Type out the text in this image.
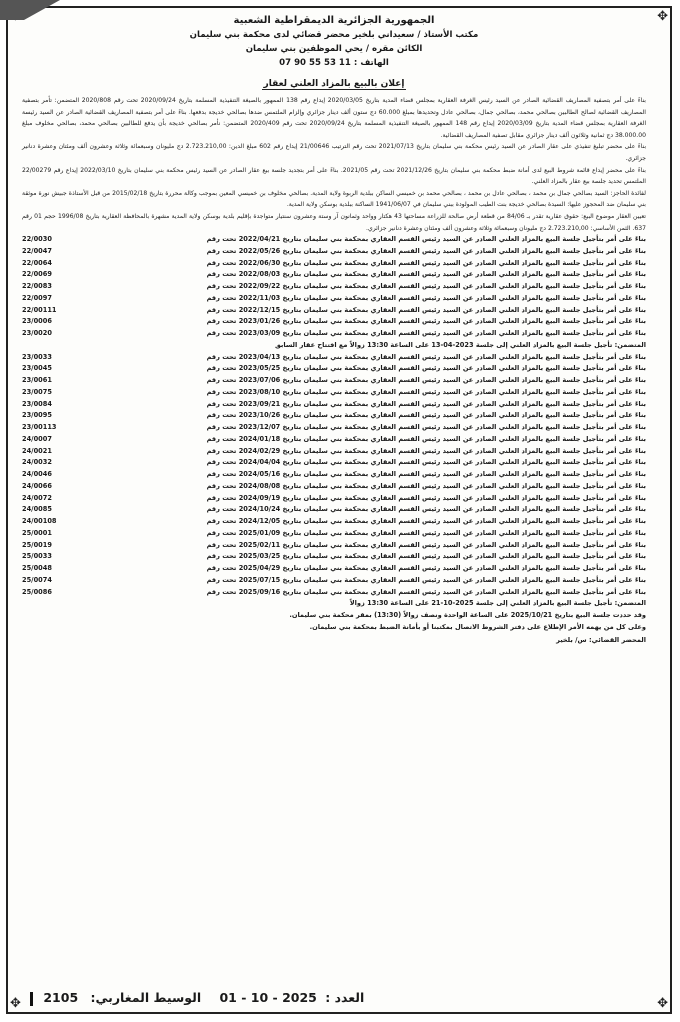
✥
✥	✥

الجمهورية الجزائرية الديمقراطية الشعبية

مكتب الأستاذ / سعيداني بلخير محضر قضائي لدى محكمة بني سليمان

الكائن مقره / يحي الموظفين بني سليمان

الهاتف : 07 90 55 53 11
إعلان بالبيع بالمزاد العلني لعقار

بناءً على أمر بتصفية المصاريف القضائية الصادر عن السيد رئيس الغرفة العقارية بمجلس قضاء المدية بتاريخ 2020/03/05 إيداع رقم 138 الممهور بالصيغة التنفيذية المسلمة بتاريخ 2020/09/24 تحت رقم 2020/808 المتضمن: تأمر بتصفية المصاريف القضائية لصالح الطالبين بصالحي محمد، بصالحي جمال، بصالحي عادل وتحديدها بمبلغ 60.000 دج ستون ألف دينار جزائري وإلزام الملتمس ضدها بصالحي خديجة بدفعها. بناءً على أمر بتصفية المصاريف القضائية الصادر عن السيد رئيسة الغرفة العقارية بمجلس قضاء المدية بتاريخ 2020/03/09 إيداع رقم 148 الممهور بالصيغة التنفيذية المسلمة بتاريخ 2020/09/24 تحت رقم 2020/409 المتضمن: نأمر بصالحي خديجة بأن يدفع للطالبين بصالحي محمد، بصالحي مخلوف مبلغ 38.000.00 دج ثمانية وثلاثون ألف دينار جزائري مقابل تصفية المصاريف القضائية.

بناءً على محضر تبليغ تنفيذي على عقار الصادر عن السيد رئيس محكمة بني سليمان بتاريخ 2021/07/13 تحت رقم الترتيب 21/00646 إيداع رقم 602 مبلغ الدين: 2.723.210,00 دج مليونان وسبعمائة وثلاثة وعشرون ألف ومئتان وعشرة دنانير جزائري.

بناءً على محضر إيداع قائمة شروط البيع لدى أمانة ضبط محكمة بني سليمان بتاريخ 2021/12/26 تحت رقم 2021/05. بناءً على أمر بتجديد جلسة بيع عقار الصادر عن السيد رئيس محكمة بني سليمان بتاريخ 2022/03/10 إيداع رقم 22/00279 الملتمس تحديد جلسة بيع عقار بالمزاد العلني.

لفائدة الحاجز: السيد بصالحي جمال بن محمد ، بصالحي عادل بن محمد ، بصالحي محمد بن خميسي الساكن ببلدية الربوة ولاية المدية. بصالحي مخلوف بن خميسي المعين بموجب وكالة محررة بتاريخ 2015/02/18 من قبل الأستاذة جبيش نورة موثقة بني سليمان ضد المحجوز عليها: السيدة بصالحي خديجة بنت الطيب المولودة ببني سليمان في 1941/06/07 الساكنة ببلدية بوسكن ولاية المدية.

تعيين العقار موضوع البيع: حقوق عقارية تقدر بـ 84/06 من قطعة أرض صالحة للزراعة مساحتها 43 هكتار وواحد وثمانون آر وستة وعشرون سنتيار متواجدة بإقليم بلدية بوسكن ولاية المدية مشهرة بالمحافظة العقارية بتاريخ 1996/08 حجم 01 رقم 637. الثمن الأساسي: 2.723.210,00 دج مليونان وسبعمائة وثلاثة وعشرون ألف ومئتان وعشرة دنانير جزائري.

بناءً على أمر بتأجيل جلسة البيع بالمزاد العلني الصادر عن السيد رئيس القسم العقاري بمحكمة بني سليمان بتاريخ 2022/04/21 تحت رقم
22/0030
بناءً على أمر بتأجيل جلسة البيع بالمزاد العلني الصادر عن السيد رئيس القسم العقاري بمحكمة بني سليمان بتاريخ 2022/05/26 تحت رقم
22/0047
بناءً على أمر بتأجيل جلسة البيع بالمزاد العلني الصادر عن السيد رئيس القسم العقاري بمحكمة بني سليمان بتاريخ 2022/06/30 تحت رقم
22/0064
بناءً على أمر بتأجيل جلسة البيع بالمزاد العلني الصادر عن السيد رئيس القسم العقاري بمحكمة بني سليمان بتاريخ 2022/08/03 تحت رقم
22/0069
بناءً على أمر بتأجيل جلسة البيع بالمزاد العلني الصادر عن السيد رئيس القسم العقاري بمحكمة بني سليمان بتاريخ 2022/09/22 تحت رقم
22/0083
بناءً على أمر بتأجيل جلسة البيع بالمزاد العلني الصادر عن السيد رئيس القسم العقاري بمحكمة بني سليمان بتاريخ 2022/11/03 تحت رقم
22/0097
بناءً على أمر بتأجيل جلسة البيع بالمزاد العلني الصادر عن السيد رئيس القسم العقاري بمحكمة بني سليمان بتاريخ 2022/12/15 تحت رقم
22/00111
بناءً على أمر بتأجيل جلسة البيع بالمزاد العلني الصادر عن السيد رئيس القسم العقاري بمحكمة بني سليمان بتاريخ 2023/01/26 تحت رقم
23/0006
بناءً على أمر بتأجيل جلسة البيع بالمزاد العلني الصادر عن السيد رئيس القسم العقاري بمحكمة بني سليمان بتاريخ 2023/03/09 تحت رقم
23/0020
المتضمن: تأجيل جلسة البيع بالمزاد العلني إلى جلسة 2023-04-13 على الساعة 13:30 زوالاً مع افتتاح عقار السابق
بناءً على أمر بتأجيل جلسة البيع بالمزاد العلني الصادر عن السيد رئيس القسم العقاري بمحكمة بني سليمان بتاريخ 2023/04/13 تحت رقم
23/0033
بناءً على أمر بتأجيل جلسة البيع بالمزاد العلني الصادر عن السيد رئيس القسم العقاري بمحكمة بني سليمان بتاريخ 2023/05/25 تحت رقم
23/0045
بناءً على أمر بتأجيل جلسة البيع بالمزاد العلني الصادر عن السيد رئيس القسم العقاري بمحكمة بني سليمان بتاريخ 2023/07/06 تحت رقم
23/0061
بناءً على أمر بتأجيل جلسة البيع بالمزاد العلني الصادر عن السيد رئيس القسم العقاري بمحكمة بني سليمان بتاريخ 2023/08/10 تحت رقم
23/0075
بناءً على أمر بتأجيل جلسة البيع بالمزاد العلني الصادر عن السيد رئيس القسم العقاري بمحكمة بني سليمان بتاريخ 2023/09/21 تحت رقم
23/0084
بناءً على أمر بتأجيل جلسة البيع بالمزاد العلني الصادر عن السيد رئيس القسم العقاري بمحكمة بني سليمان بتاريخ 2023/10/26 تحت رقم
23/0095
بناءً على أمر بتأجيل جلسة البيع بالمزاد العلني الصادر عن السيد رئيس القسم العقاري بمحكمة بني سليمان بتاريخ 2023/12/07 تحت رقم
23/00113
بناءً على أمر بتأجيل جلسة البيع بالمزاد العلني الصادر عن السيد رئيس القسم العقاري بمحكمة بني سليمان بتاريخ 2024/01/18 تحت رقم
24/0007
بناءً على أمر بتأجيل جلسة البيع بالمزاد العلني الصادر عن السيد رئيس القسم العقاري بمحكمة بني سليمان بتاريخ 2024/02/29 تحت رقم
24/0021
بناءً على أمر بتأجيل جلسة البيع بالمزاد العلني الصادر عن السيد رئيس القسم العقاري بمحكمة بني سليمان بتاريخ 2024/04/04 تحت رقم
24/0032
بناءً على أمر بتأجيل جلسة البيع بالمزاد العلني الصادر عن السيد رئيس القسم العقاري بمحكمة بني سليمان بتاريخ 2024/05/16 تحت رقم
24/0046
بناءً على أمر بتأجيل جلسة البيع بالمزاد العلني الصادر عن السيد رئيس القسم العقاري بمحكمة بني سليمان بتاريخ 2024/08/08 تحت رقم
24/0066
بناءً على أمر بتأجيل جلسة البيع بالمزاد العلني الصادر عن السيد رئيس القسم العقاري بمحكمة بني سليمان بتاريخ 2024/09/19 تحت رقم
24/0072
بناءً على أمر بتأجيل جلسة البيع بالمزاد العلني الصادر عن السيد رئيس القسم العقاري بمحكمة بني سليمان بتاريخ 2024/10/24 تحت رقم
24/0085
بناءً على أمر بتأجيل جلسة البيع بالمزاد العلني الصادر عن السيد رئيس القسم العقاري بمحكمة بني سليمان بتاريخ 2024/12/05 تحت رقم
24/00108
بناءً على أمر بتأجيل جلسة البيع بالمزاد العلني الصادر عن السيد رئيس القسم العقاري بمحكمة بني سليمان بتاريخ 2025/01/09 تحت رقم
25/0001
بناءً على أمر بتأجيل جلسة البيع بالمزاد العلني الصادر عن السيد رئيس القسم العقاري بمحكمة بني سليمان بتاريخ 2025/02/11 تحت رقم
25/0019
بناءً على أمر بتأجيل جلسة البيع بالمزاد العلني الصادر عن السيد رئيس القسم العقاري بمحكمة بني سليمان بتاريخ 2025/03/25 تحت رقم
25/0033
بناءً على أمر بتأجيل جلسة البيع بالمزاد العلني الصادر عن السيد رئيس القسم العقاري بمحكمة بني سليمان بتاريخ 2025/04/29 تحت رقم
25/0048
بناءً على أمر بتأجيل جلسة البيع بالمزاد العلني الصادر عن السيد رئيس القسم العقاري بمحكمة بني سليمان بتاريخ 2025/07/15 تحت رقم
25/0074
بناءً على أمر بتأجيل جلسة البيع بالمزاد العلني الصادر عن السيد رئيس القسم العقاري بمحكمة بني سليمان بتاريخ 2025/09/16 تحت رقم
25/0086
المتضمن: تأجيل جلسة البيع بالمزاد العلني إلى جلسة 2025-10-21 على الساعة 13:30 زوالاً

وقد حددت جلسة البيع بتاريخ 2025/10/21 على الساعة الواحدة ونصف زوالاً (13:30) بمقر محكمة بني سليمان.

وعلى كل من يهمه الأمر الإطلاع على دفتر الشروط الاتصال بمكتبنا أو بأمانة الضبط بمحكمة بني سليمان.

المحضر القضائي: س/ بلخير

2105	العدد : 2025 - 10 - 01 الوسيط المغاربي:
